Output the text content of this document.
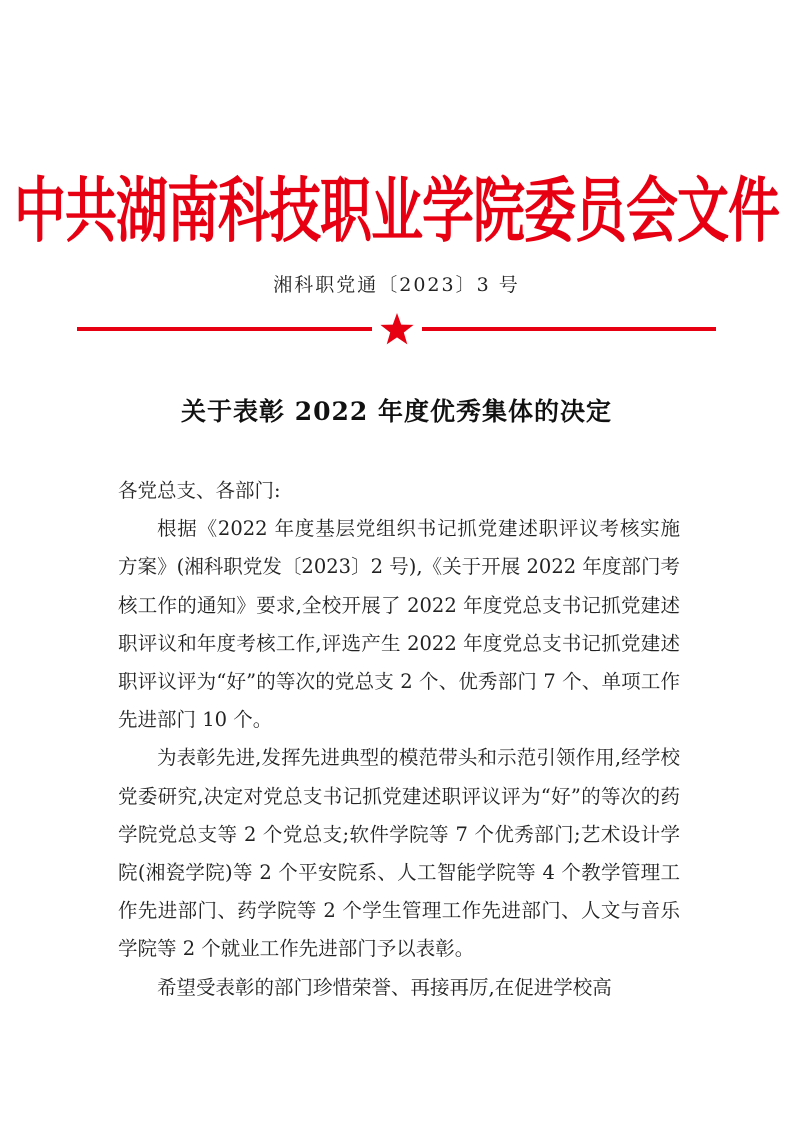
中共湖南科技职业学院委员会文件
湘科职党通〔2023〕3 号
关于表彰 2022 年度优秀集体的决定

各党总支、各部门:

根据《2022 年度基层党组织书记抓党建述职评议考核实施方案》(湘科职党发〔2023〕2 号),《关于开展 2022 年度部门考核工作的通知》要求,全校开展了 2022 年度党总支书记抓党建述职评议和年度考核工作,评选产生 2022 年度党总支书记抓党建述职评议评为“好”的等次的党总支 2 个、优秀部门 7 个、单项工作先进部门 10 个。

为表彰先进,发挥先进典型的模范带头和示范引领作用,经学校党委研究,决定对党总支书记抓党建述职评议评为“好”的等次的药学院党总支等 2 个党总支;软件学院等 7 个优秀部门;艺术设计学院(湘瓷学院)等 2 个平安院系、人工智能学院等 4 个教学管理工作先进部门、药学院等 2 个学生管理工作先进部门、人文与音乐学院等 2 个就业工作先进部门予以表彰。

希望受表彰的部门珍惜荣誉、再接再厉,在促进学校高
